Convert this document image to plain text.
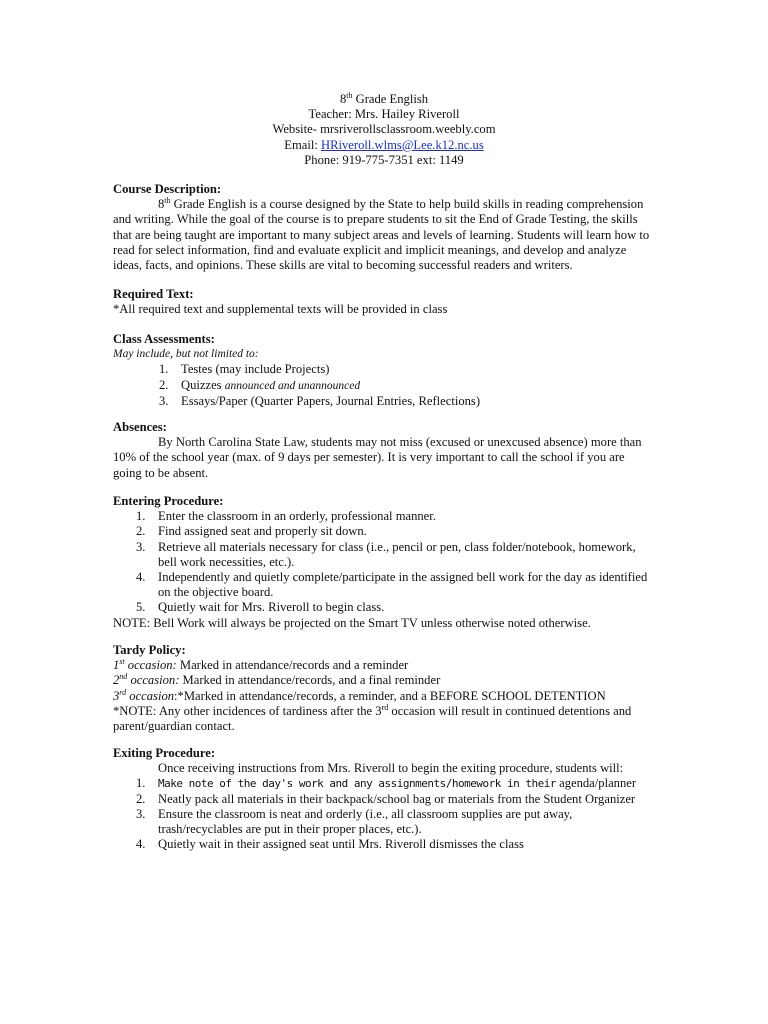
8th Grade English
Teacher: Mrs. Hailey Riveroll
Website- mrsriverollsclassroom.weebly.com
Email: HRiveroll.wlms@Lee.k12.nc.us
Phone: 919-775-7351 ext: 1149
Course Description:
8th Grade English is a course designed by the State to help build skills in reading comprehension and writing. While the goal of the course is to prepare students to sit the End of Grade Testing, the skills that are being taught are important to many subject areas and levels of learning. Students will learn how to read for select information, find and evaluate explicit and implicit meanings, and develop and analyze ideas, facts, and opinions. These skills are vital to becoming successful readers and writers.
Required Text:
*All required text and supplemental texts will be provided in class
Class Assessments:
May include, but not limited to:
1. Testes (may include Projects)
2. Quizzes announced and unannounced
3. Essays/Paper (Quarter Papers, Journal Entries, Reflections)
Absences:
By North Carolina State Law, students may not miss (excused or unexcused absence) more than 10% of the school year (max. of 9 days per semester). It is very important to call the school if you are going to be absent.
Entering Procedure:
1. Enter the classroom in an orderly, professional manner.
2. Find assigned seat and properly sit down.
3. Retrieve all materials necessary for class (i.e., pencil or pen, class folder/notebook, homework, bell work necessities, etc.).
4. Independently and quietly complete/participate in the assigned bell work for the day as identified on the objective board.
5. Quietly wait for Mrs. Riveroll to begin class.
NOTE: Bell Work will always be projected on the Smart TV unless otherwise noted otherwise.
Tardy Policy:
1st occasion: Marked in attendance/records and a reminder
2nd occasion: Marked in attendance/records, and a final reminder
3rd occasion:*Marked in attendance/records, a reminder, and a BEFORE SCHOOL DETENTION
*NOTE: Any other incidences of tardiness after the 3rd occasion will result in continued detentions and parent/guardian contact.
Exiting Procedure:
Once receiving instructions from Mrs. Riveroll to begin the exiting procedure, students will:
1. Make note of the day's work and any assignments/homework in their agenda/planner
2. Neatly pack all materials in their backpack/school bag or materials from the Student Organizer
3. Ensure the classroom is neat and orderly (i.e., all classroom supplies are put away, trash/recyclables are put in their proper places, etc.).
4. Quietly wait in their assigned seat until Mrs. Riveroll dismisses the class
